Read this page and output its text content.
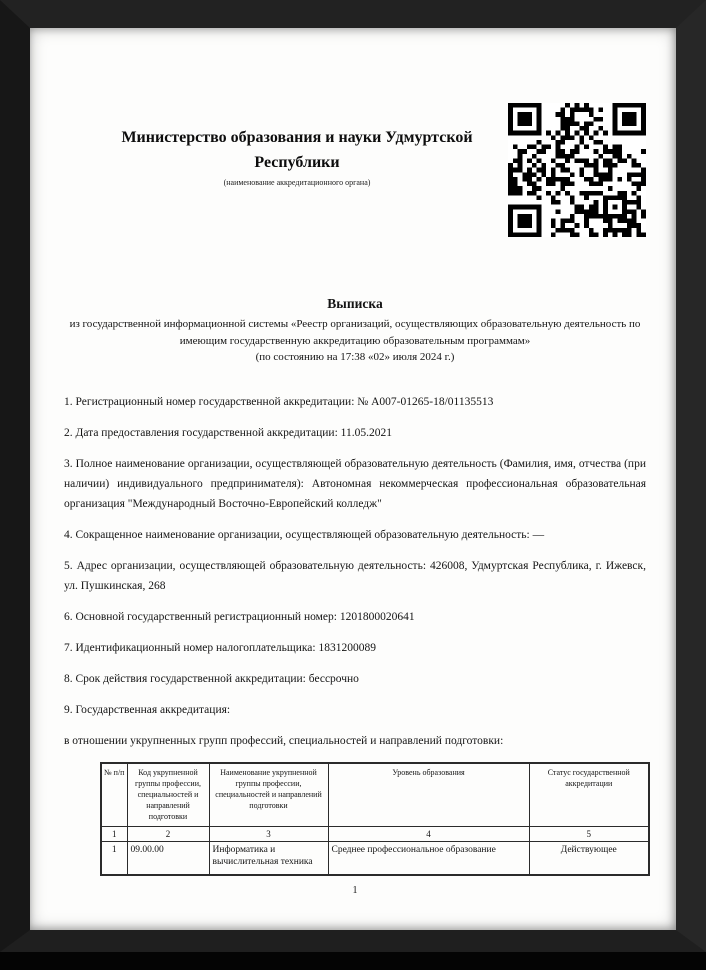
Министерство образования и науки Удмуртской Республики
(наименование аккредитационного органа)
Выписка
из государственной информационной системы «Реестр организаций, осуществляющих образовательную деятельность по имеющим государственную аккредитацию образовательным программам»
(по состоянию на 17:38 «02» июля 2024 г.)

1. Регистрационный номер государственной аккредитации: № А007-01265-18/01135513

2. Дата предоставления государственной аккредитации: 11.05.2021

3. Полное наименование организации, осуществляющей образовательную деятельность (Фамилия, имя, отчества (при наличии) индивидуального предпринимателя): Автономная некоммерческая профессиональная образовательная организация "Международный Восточно-Европейский колледж"

4. Сокращенное наименование организации, осуществляющей образовательную деятельность: —

5. Адрес организации, осуществляющей образовательную деятельность: 426008, Удмуртская Республика, г. Ижевск, ул. Пушкинская, 268

6. Основной государственный регистрационный номер: 1201800020641

7. Идентификационный номер налогоплательщика: 1831200089

8. Срок действия государственной аккредитации: бессрочно

9. Государственная аккредитация:

в отношении укрупненных групп профессий, специальностей и направлений подготовки:

№ п/п	Код укрупненной группы профессии, специальностей и направлений подготовки	Наименование укрупненной группы профессии, специальностей и направлений подготовки	Уровень образования	Статус государственной аккредитации
1	2	3	4	5
1	09.00.00	Информатика и вычислительная техника	Среднее профессиональное образование	Действующее
1
